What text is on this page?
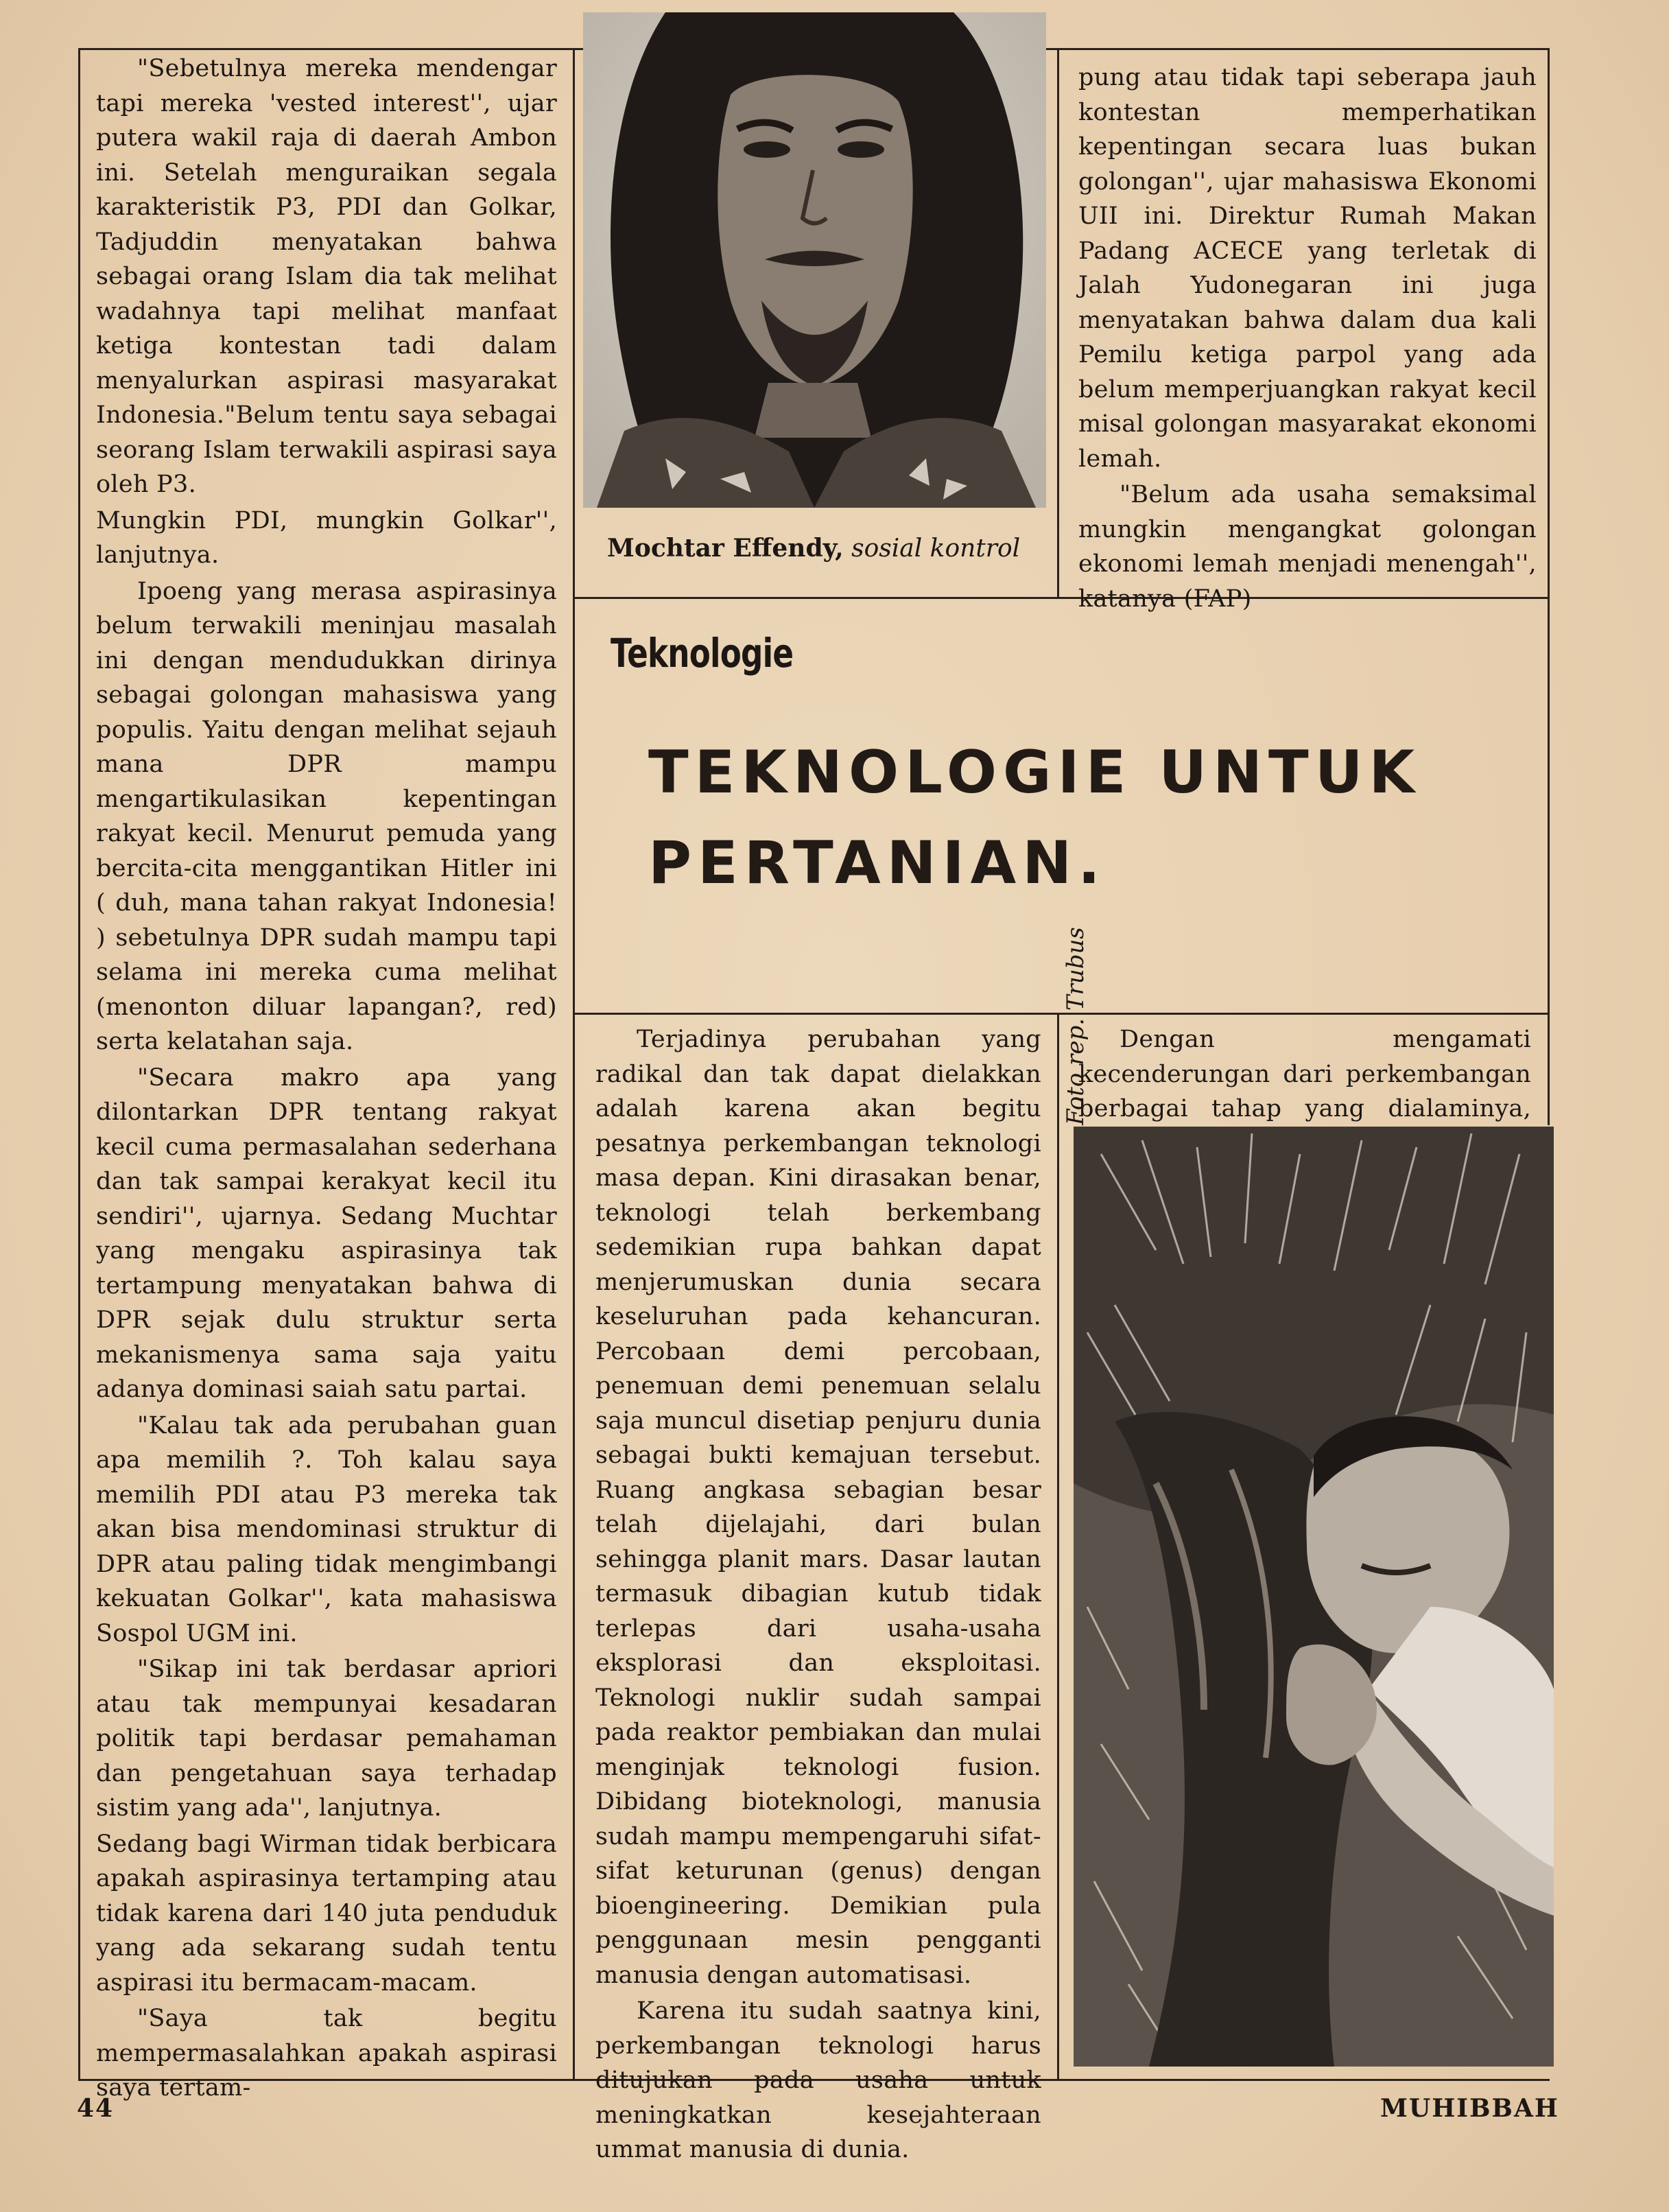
"Sebetulnya mereka mendengar tapi mereka 'vested interest'', ujar putera wakil raja di daerah Ambon ini. Setelah menguraikan segala karakteristik P3, PDI dan Golkar, Tadjuddin menyatakan bahwa sebagai orang Islam dia tak melihat wadahnya tapi melihat manfaat ketiga kontestan tadi dalam menyalurkan aspirasi masyarakat Indonesia."Belum tentu saya sebagai seorang Islam terwakili aspirasi saya oleh P3.

Mungkin PDI, mungkin Golkar'', lanjutnya.

Ipoeng yang merasa aspirasinya belum terwakili meninjau masalah ini dengan mendudukkan dirinya sebagai golongan mahasiswa yang populis. Yaitu dengan melihat sejauh mana DPR mampu mengartikulasikan kepentingan rakyat kecil. Menurut pemuda yang bercita-cita menggantikan Hitler ini ( duh, mana tahan rakyat Indonesia! ) sebetulnya DPR sudah mampu tapi selama ini mereka cuma melihat (menonton diluar lapangan?, red) serta kelatahan saja.

"Secara makro apa yang dilontarkan DPR tentang rakyat kecil cuma permasalahan sederhana dan tak sampai kerakyat kecil itu sendiri'', ujarnya. Sedang Muchtar yang mengaku aspirasinya tak tertampung menyatakan bahwa di DPR sejak dulu struktur serta mekanismenya sama saja yaitu adanya dominasi saiah satu partai.

"Kalau tak ada perubahan guan apa memilih ?. Toh kalau saya memilih PDI atau P3 mereka tak akan bisa mendominasi struktur di DPR atau paling tidak mengimbangi kekuatan Golkar'', kata mahasiswa Sospol UGM ini.

"Sikap ini tak berdasar apriori atau tak mempunyai kesadaran politik tapi berdasar pemahaman dan pengetahuan saya terhadap sistim yang ada'', lanjutnya.

Sedang bagi Wirman tidak berbicara apakah aspirasinya tertamping atau tidak karena dari 140 juta penduduk yang ada sekarang sudah tentu aspirasi itu bermacam-macam.

"Saya tak begitu mempermasalahkan apakah aspirasi saya tertam-

Mochtar Effendy, sosial kontrol

pung atau tidak tapi seberapa jauh kontestan memperhatikan kepentingan secara luas bukan golongan'', ujar mahasiswa Ekonomi UII ini. Direktur Rumah Makan Padang ACECE yang terletak di Jalah Yudonegaran ini juga menyatakan bahwa dalam dua kali Pemilu ketiga parpol yang ada belum memperjuangkan rakyat kecil misal golongan masyarakat ekonomi lemah.

"Belum ada usaha semaksimal mungkin mengangkat golongan ekonomi lemah menjadi menengah'', katanya (FAP)

Teknologie
TEKNOLOGIE UNTUK PERTANIAN.

Terjadinya perubahan yang radikal dan tak dapat dielakkan adalah karena akan begitu pesatnya perkembangan teknologi masa depan. Kini dirasakan benar, teknologi telah berkembang sedemikian rupa bahkan dapat menjerumuskan dunia secara keseluruhan pada kehancuran. Percobaan demi percobaan, penemuan demi penemuan selalu saja muncul disetiap penjuru dunia sebagai bukti kemajuan tersebut. Ruang angkasa sebagian besar telah dijelajahi, dari bulan sehingga planit mars. Dasar lautan termasuk dibagian kutub tidak terlepas dari usaha-usaha eksplorasi dan eksploitasi. Teknologi nuklir sudah sampai pada reaktor pembiakan dan mulai menginjak teknologi fusion. Dibidang bioteknologi, manusia sudah mampu mempengaruhi sifat-sifat keturunan (genus) dengan bioengineering. Demikian pula penggunaan mesin pengganti manusia dengan automatisasi.

Karena itu sudah saatnya kini, perkembangan teknologi harus ditujukan pada usaha untuk meningkatkan kesejahteraan ummat manusia di dunia.

Dengan mengamati kecenderungan dari perkembangan berbagai tahap yang dialaminya,

Foto rep. Trubus
44	MUHIBBAH
